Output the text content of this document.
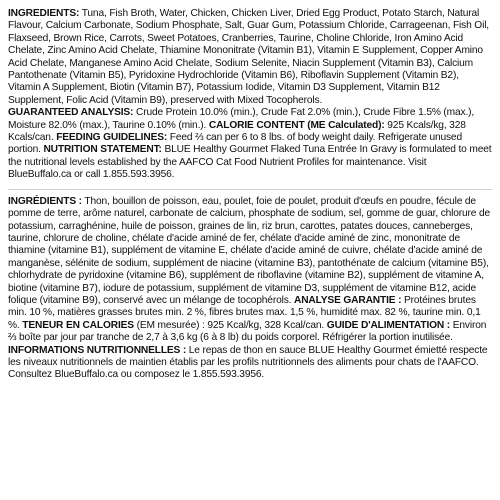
INGREDIENTS: Tuna, Fish Broth, Water, Chicken, Chicken Liver, Dried Egg Product, Potato Starch, Natural Flavour, Calcium Carbonate, Sodium Phosphate, Salt, Guar Gum, Potassium Chloride, Carrageenan, Fish Oil, Flaxseed, Brown Rice, Carrots, Sweet Potatoes, Cranberries, Taurine, Choline Chloride, Iron Amino Acid Chelate, Zinc Amino Acid Chelate, Thiamine Mononitrate (Vitamin B1), Vitamin E Supplement, Copper Amino Acid Chelate, Manganese Amino Acid Chelate, Sodium Selenite, Niacin Supplement (Vitamin B3), Calcium Pantothenate (Vitamin B5), Pyridoxine Hydrochloride (Vitamin B6), Riboflavin Supplement (Vitamin B2), Vitamin A Supplement, Biotin (Vitamin B7), Potassium Iodide, Vitamin D3 Supplement, Vitamin B12 Supplement, Folic Acid (Vitamin B9), preserved with Mixed Tocopherols.

GUARANTEED ANALYSIS: Crude Protein 10.0% (min.), Crude Fat 2.0% (min.), Crude Fibre 1.5% (max.), Moisture 82.0% (max.), Taurine 0.10% (min.). CALORIE CONTENT (ME Calculated): 925 Kcals/kg, 328 Kcals/can. FEEDING GUIDELINES: Feed ⅔ can per 6 to 8 lbs. of body weight daily. Refrigerate unused portion. NUTRITION STATEMENT: BLUE Healthy Gourmet Flaked Tuna Entrée In Gravy is formulated to meet the nutritional levels established by the AAFCO Cat Food Nutrient Profiles for maintenance. Visit BlueBuffalo.ca or call 1.855.593.3956.

INGRÉDIENTS : Thon, bouillon de poisson, eau, poulet, foie de poulet, produit d'œufs en poudre, fécule de pomme de terre, arôme naturel, carbonate de calcium, phosphate de sodium, sel, gomme de guar, chlorure de potassium, carraghénine, huile de poisson, graines de lin, riz brun, carottes, patates douces, canneberges, taurine, chlorure de choline, chélate d'acide aminé de fer, chélate d'acide aminé de zinc, mononitrate de thiamine (vitamine B1), supplément de vitamine E, chélate d'acide aminé de cuivre, chélate d'acide aminé de manganèse, sélénite de sodium, supplément de niacine (vitamine B3), pantothénate de calcium (vitamine B5), chlorhydrate de pyridoxine (vitamine B6), supplément de riboflavine (vitamine B2), supplément de vitamine A, biotine (vitamine B7), iodure de potassium, supplément de vitamine D3, supplément de vitamine B12, acide folique (vitamine B9), conservé avec un mélange de tocophérols. ANALYSE GARANTIE : Protéines brutes min. 10 %, matières grasses brutes min. 2 %, fibres brutes max. 1,5 %, humidité max. 82 %, taurine min. 0,1 %. TENEUR EN CALORIES (EM mesurée) : 925 Kcal/kg, 328 Kcal/can. GUIDE D'ALIMENTATION : Environ ⅔ boîte par jour par tranche de 2,7 à 3,6 kg (6 à 8 lb) du poids corporel. Réfrigérer la portion inutilisée.
INFORMATIONS NUTRITIONNELLES : Le repas de thon en sauce BLUE Healthy Gourmet émietté respecte les niveaux nutritionnels de maintien établis par les profils nutritionnels des aliments pour chats de l'AAFCO. Consultez BlueBuffalo.ca ou composez le 1.855.593.3956.
